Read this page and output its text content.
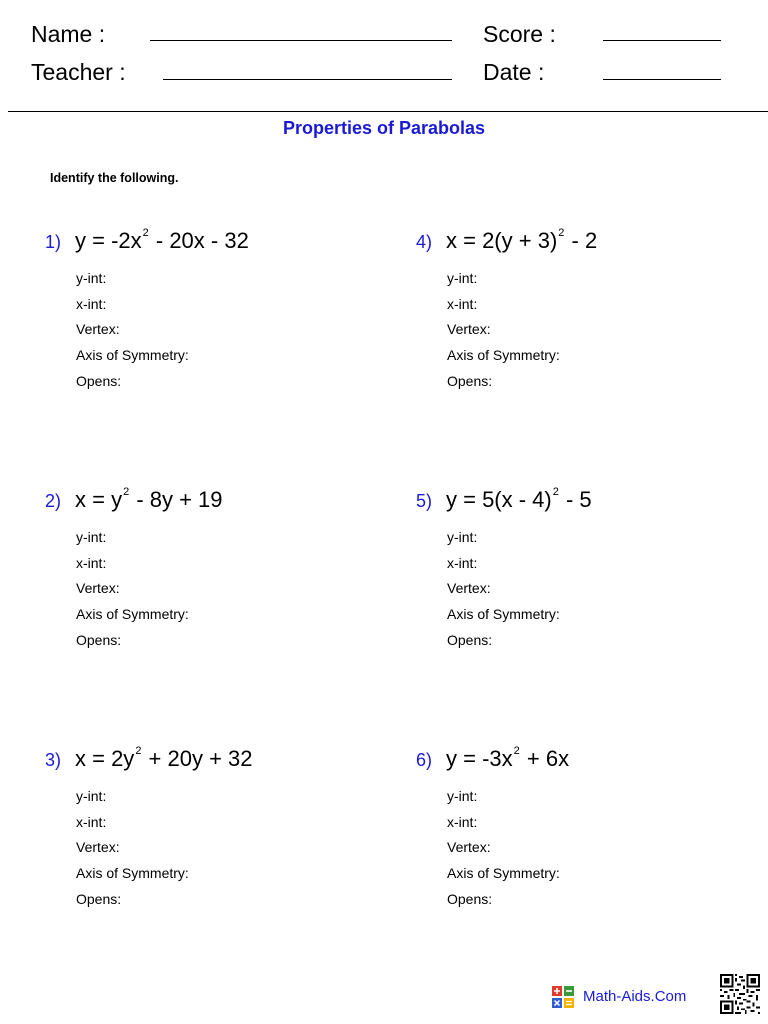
Name :
Teacher :
Score :
Date :
Properties of Parabolas
Identify the following.
1) $y = -2x^2 - 20x - 32$
y-int:
x-int:
Vertex:
Axis of Symmetry:
Opens:
2) $x = y^2 - 8y + 19$
y-int:
x-int:
Vertex:
Axis of Symmetry:
Opens:
3) $x = 2y^2 + 20y + 32$
y-int:
x-int:
Vertex:
Axis of Symmetry:
Opens:
4) $x = 2(y + 3)^2 - 2$
y-int:
x-int:
Vertex:
Axis of Symmetry:
Opens:
5) y = 5(x - 4)$^2$ - 5
y-int:
x-int:
Vertex:
Axis of Symmetry:
Opens:
6) $y = -3x^2 + 6x$
y-int:
x-int:
Vertex:
Axis of Symmetry:
Opens:
Math-Aids.Com
